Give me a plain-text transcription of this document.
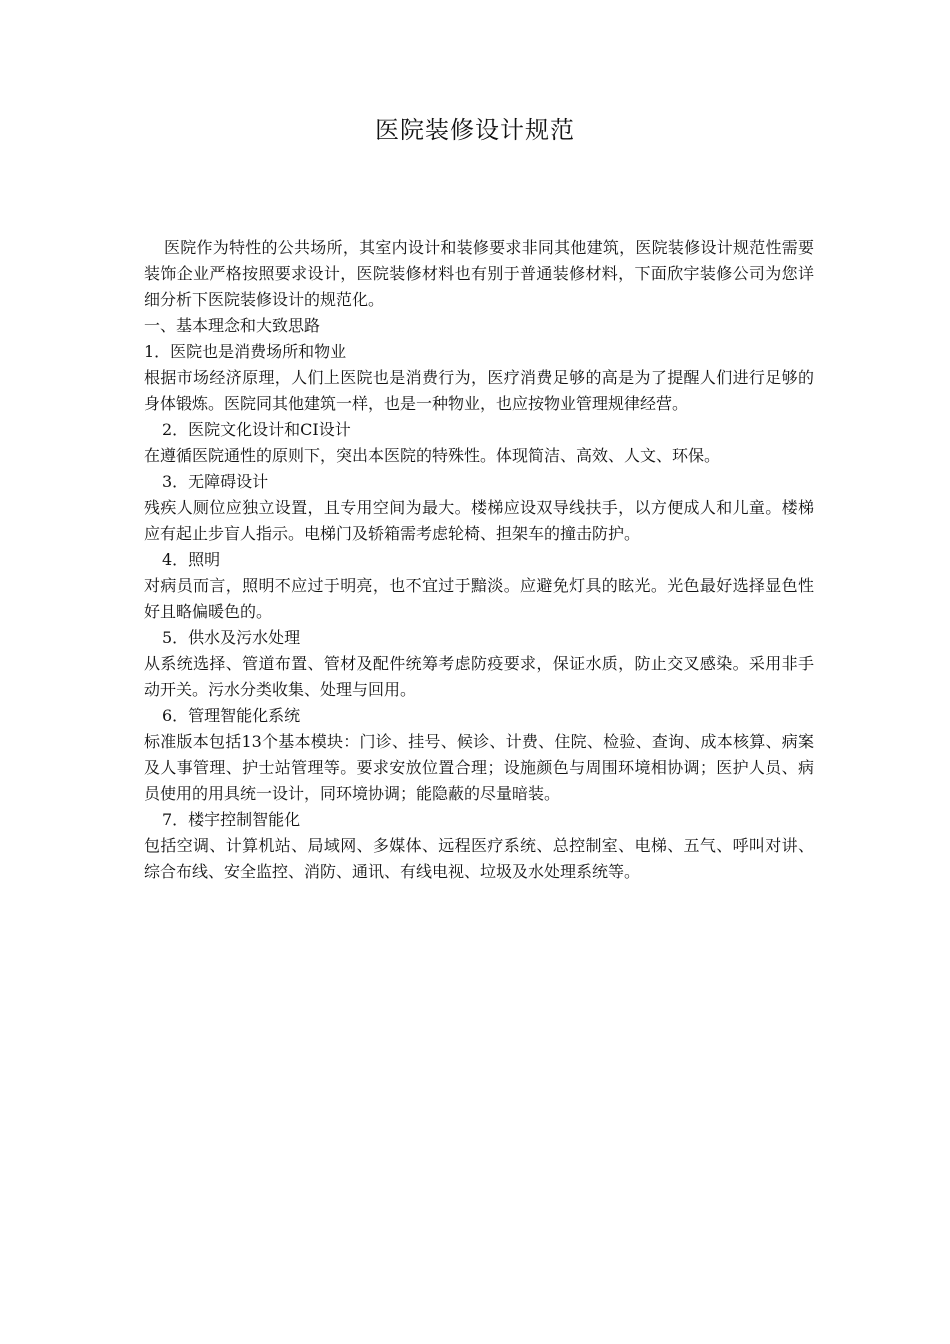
医院装修设计规范

医院作为特性的公共场所，其室内设计和装修要求非同其他建筑，医院装修设计规范性需要装饰企业严格按照要求设计，医院装修材料也有别于普通装修材料，下面欣宇装修公司为您详细分析下医院装修设计的规范化。

一、基本理念和大致思路

1．医院也是消费场所和物业

根据市场经济原理，人们上医院也是消费行为，医疗消费足够的高是为了提醒人们进行足够的身体锻炼。医院同其他建筑一样，也是一种物业，也应按物业管理规律经营。

2．医院文化设计和CI设计

在遵循医院通性的原则下，突出本医院的特殊性。体现简洁、高效、人文、环保。

3．无障碍设计

残疾人厕位应独立设置，且专用空间为最大。楼梯应设双导线扶手，以方便成人和儿童。楼梯应有起止步盲人指示。电梯门及轿箱需考虑轮椅、担架车的撞击防护。

4．照明

对病员而言，照明不应过于明亮，也不宜过于黯淡。应避免灯具的眩光。光色最好选择显色性好且略偏暖色的。

5．供水及污水处理

从系统选择、管道布置、管材及配件统筹考虑防疫要求，保证水质，防止交叉感染。采用非手动开关。污水分类收集、处理与回用。

6．管理智能化系统

标准版本包括13个基本模块：门诊、挂号、候诊、计费、住院、检验、查询、成本核算、病案及人事管理、护士站管理等。要求安放位置合理；设施颜色与周围环境相协调；医护人员、病员使用的用具统一设计，同环境协调；能隐蔽的尽量暗装。

7．楼宇控制智能化

包括空调、计算机站、局域网、多媒体、远程医疗系统、总控制室、电梯、五气、呼叫对讲、综合布线、安全监控、消防、通讯、有线电视、垃圾及水处理系统等。
